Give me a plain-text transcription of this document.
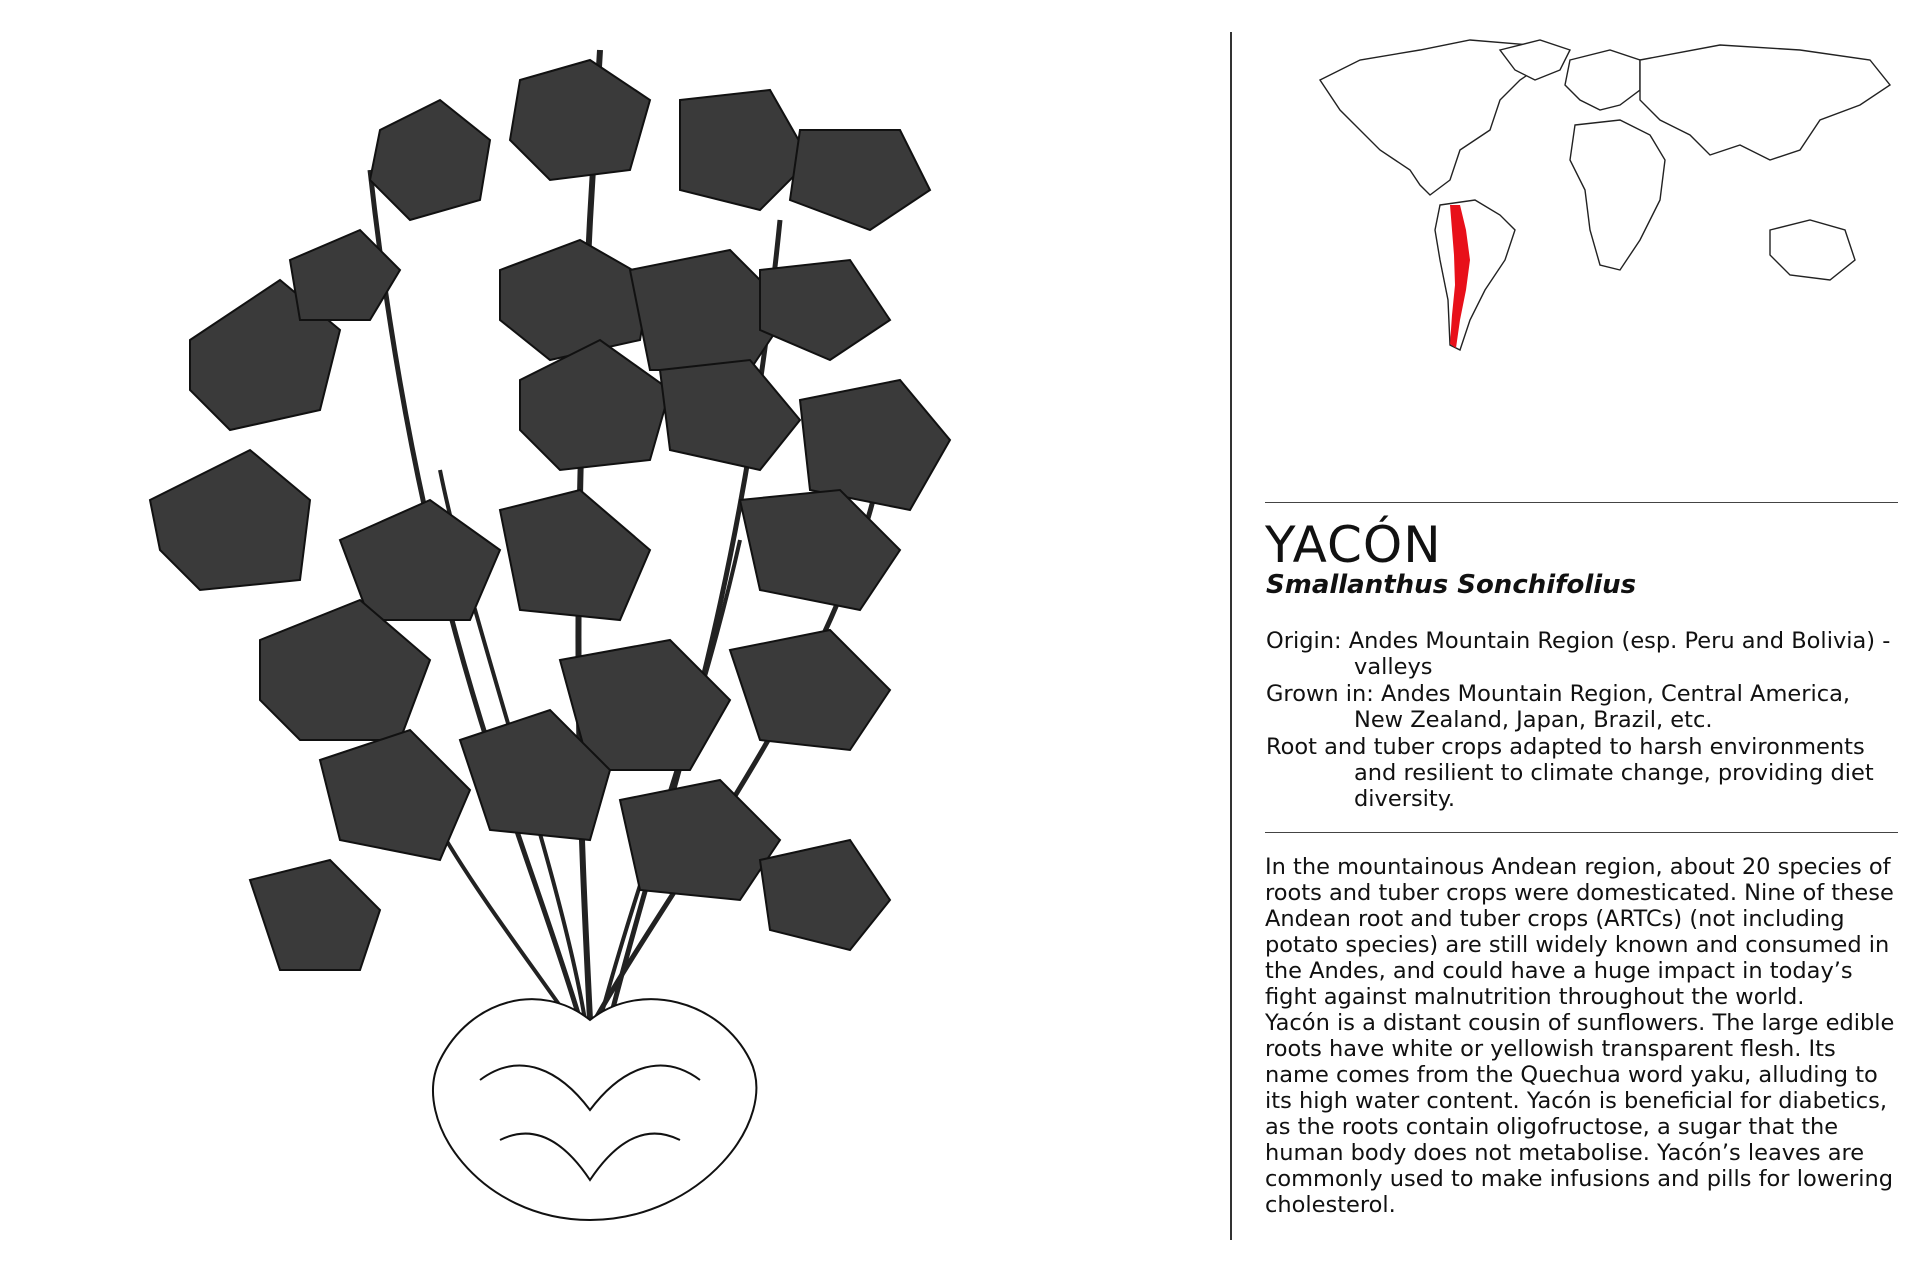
YACÓN
Smallanthus Sonchifolius

Origin: Andes Mountain Region (esp. Peru and Bolivia) - valleys

Grown in: Andes Mountain Region, Central America, New Zealand, Japan, Brazil, etc.

Root and tuber crops adapted to harsh environments and resilient to climate change, providing diet diversity.

In the mountainous Andean region, about 20 species of roots and tuber crops were domesticated. Nine of these Andean root and tuber crops (ARTCs) (not including potato species) are still widely known and consumed in the Andes, and could have a huge impact in today’s fight against malnutrition throughout the world.

Yacón is a distant cousin of sunflowers. The large edible roots have white or yellowish transparent flesh. Its name comes from the Quechua word yaku, alluding to its high water content. Yacón is beneficial for diabetics, as the roots contain oligofructose, a sugar that the human body does not metabolise. Yacón’s leaves are commonly used to make infusions and pills for lowering cholesterol.
